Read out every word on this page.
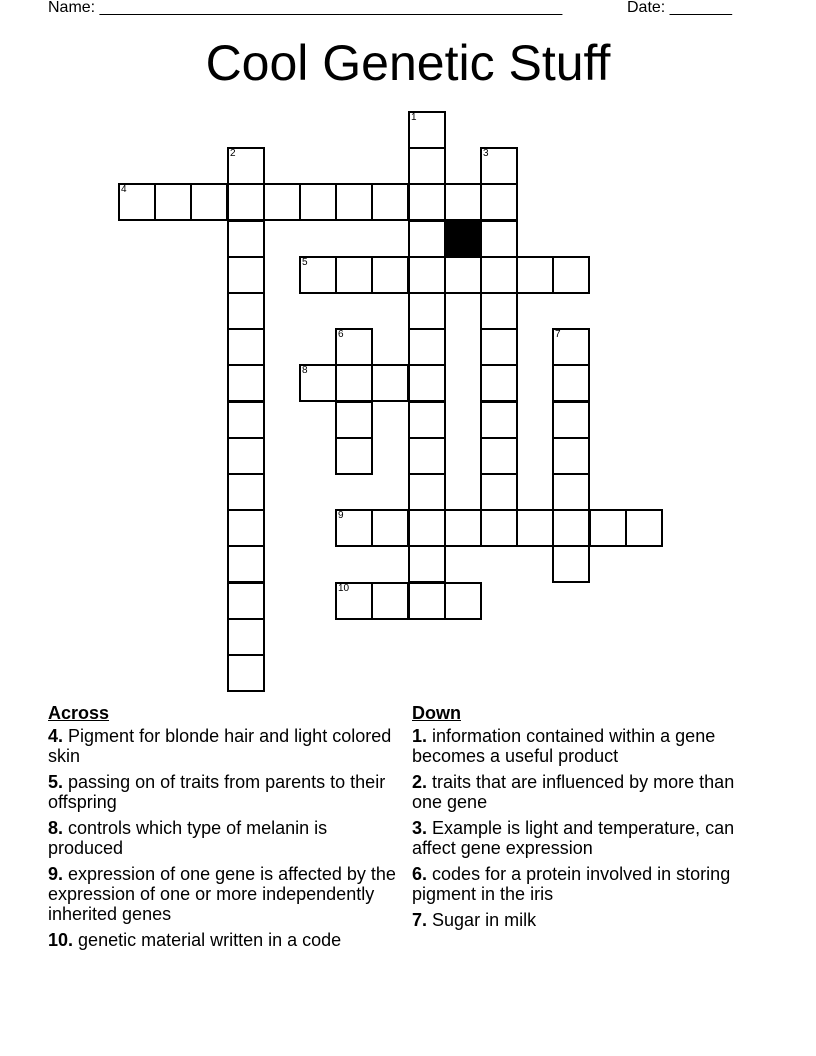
Name: ____________________________________________________	Date: _______
Cool Genetic Stuff
4
5
8
9
10
1
2	3
6	7
Across
4. Pigment for blonde hair and light colored skin
5. passing on of traits from parents to their offspring
8. controls which type of melanin is produced
9. expression of one gene is affected by the expression of one or more independently inherited genes
10. genetic material written in a code
Down
1. information contained within a gene becomes a useful product
2. traits that are influenced by more than one gene
3. Example is light and temperature, can affect gene expression
6. codes for a protein involved in storing pigment in the iris
7. Sugar in milk
